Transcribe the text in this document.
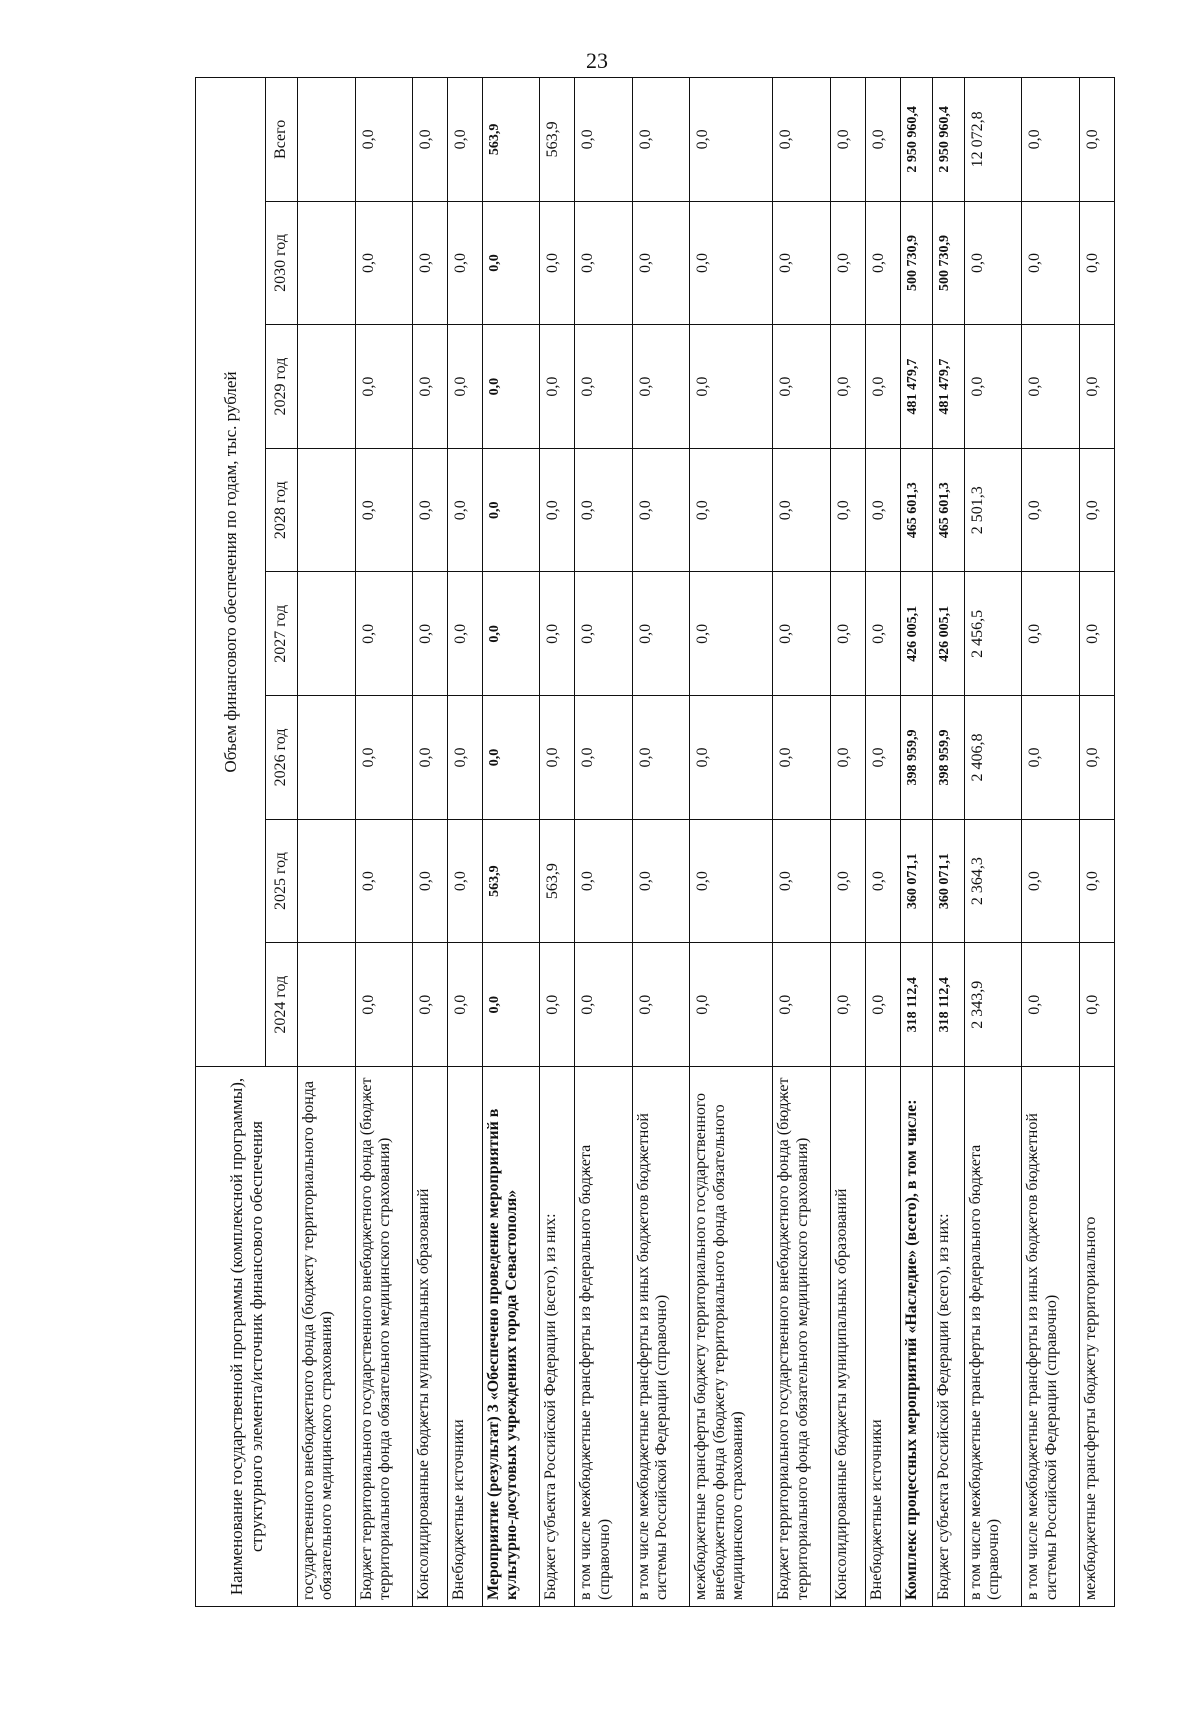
23
Наименование государственной программы (комплексной программы), структурного элемента/источник финансового обеспечения	Объем финансового обеспечения по годам, тыс. рублей							
	2024 год	2025 год	2026 год	2027 год	2028 год	2029 год	2030 год	Всего
государственного внебюджетного фонда (бюджету территориального фонда обязательного медицинского страхования)								
Бюджет территориального государственного внебюджетного фонда (бюджет территориального фонда обязательного медицинского страхования)	0,0	0,0	0,0	0,0	0,0	0,0	0,0	0,0
Консолидированные бюджеты муниципальных образований	0,0	0,0	0,0	0,0	0,0	0,0	0,0	0,0
Внебюджетные источники	0,0	0,0	0,0	0,0	0,0	0,0	0,0	0,0
Мероприятие (результат) 3 «Обеспечено проведение мероприятий в культурно-досуговых учреждениях города Севастополя»	0,0	563,9	0,0	0,0	0,0	0,0	0,0	563,9
Бюджет субъекта Российской Федерации (всего), из них:	0,0	563,9	0,0	0,0	0,0	0,0	0,0	563,9
в том числе межбюджетные трансферты из федерального бюджета (справочно)	0,0	0,0	0,0	0,0	0,0	0,0	0,0	0,0
в том числе межбюджетные трансферты из иных бюджетов бюджетной системы Российской Федерации (справочно)	0,0	0,0	0,0	0,0	0,0	0,0	0,0	0,0
межбюджетные трансферты бюджету территориального государственного внебюджетного фонда (бюджету территориального фонда обязательного медицинского страхования)	0,0	0,0	0,0	0,0	0,0	0,0	0,0	0,0
Бюджет территориального государственного внебюджетного фонда (бюджет территориального фонда обязательного медицинского страхования)	0,0	0,0	0,0	0,0	0,0	0,0	0,0	0,0
Консолидированные бюджеты муниципальных образований	0,0	0,0	0,0	0,0	0,0	0,0	0,0	0,0
Внебюджетные источники	0,0	0,0	0,0	0,0	0,0	0,0	0,0	0,0
Комплекс процессных мероприятий «Наследие» (всего), в том числе:	318 112,4	360 071,1	398 959,9	426 005,1	465 601,3	481 479,7	500 730,9	2 950 960,4
Бюджет субъекта Российской Федерации (всего), из них:	318 112,4	360 071,1	398 959,9	426 005,1	465 601,3	481 479,7	500 730,9	2 950 960,4
в том числе межбюджетные трансферты из федерального бюджета (справочно)	2 343,9	2 364,3	2 406,8	2 456,5	2 501,3	0,0	0,0	12 072,8
в том числе межбюджетные трансферты из иных бюджетов бюджетной системы Российской Федерации (справочно)	0,0	0,0	0,0	0,0	0,0	0,0	0,0	0,0
межбюджетные трансферты бюджету территориального	0,0	0,0	0,0	0,0	0,0	0,0	0,0	0,0
